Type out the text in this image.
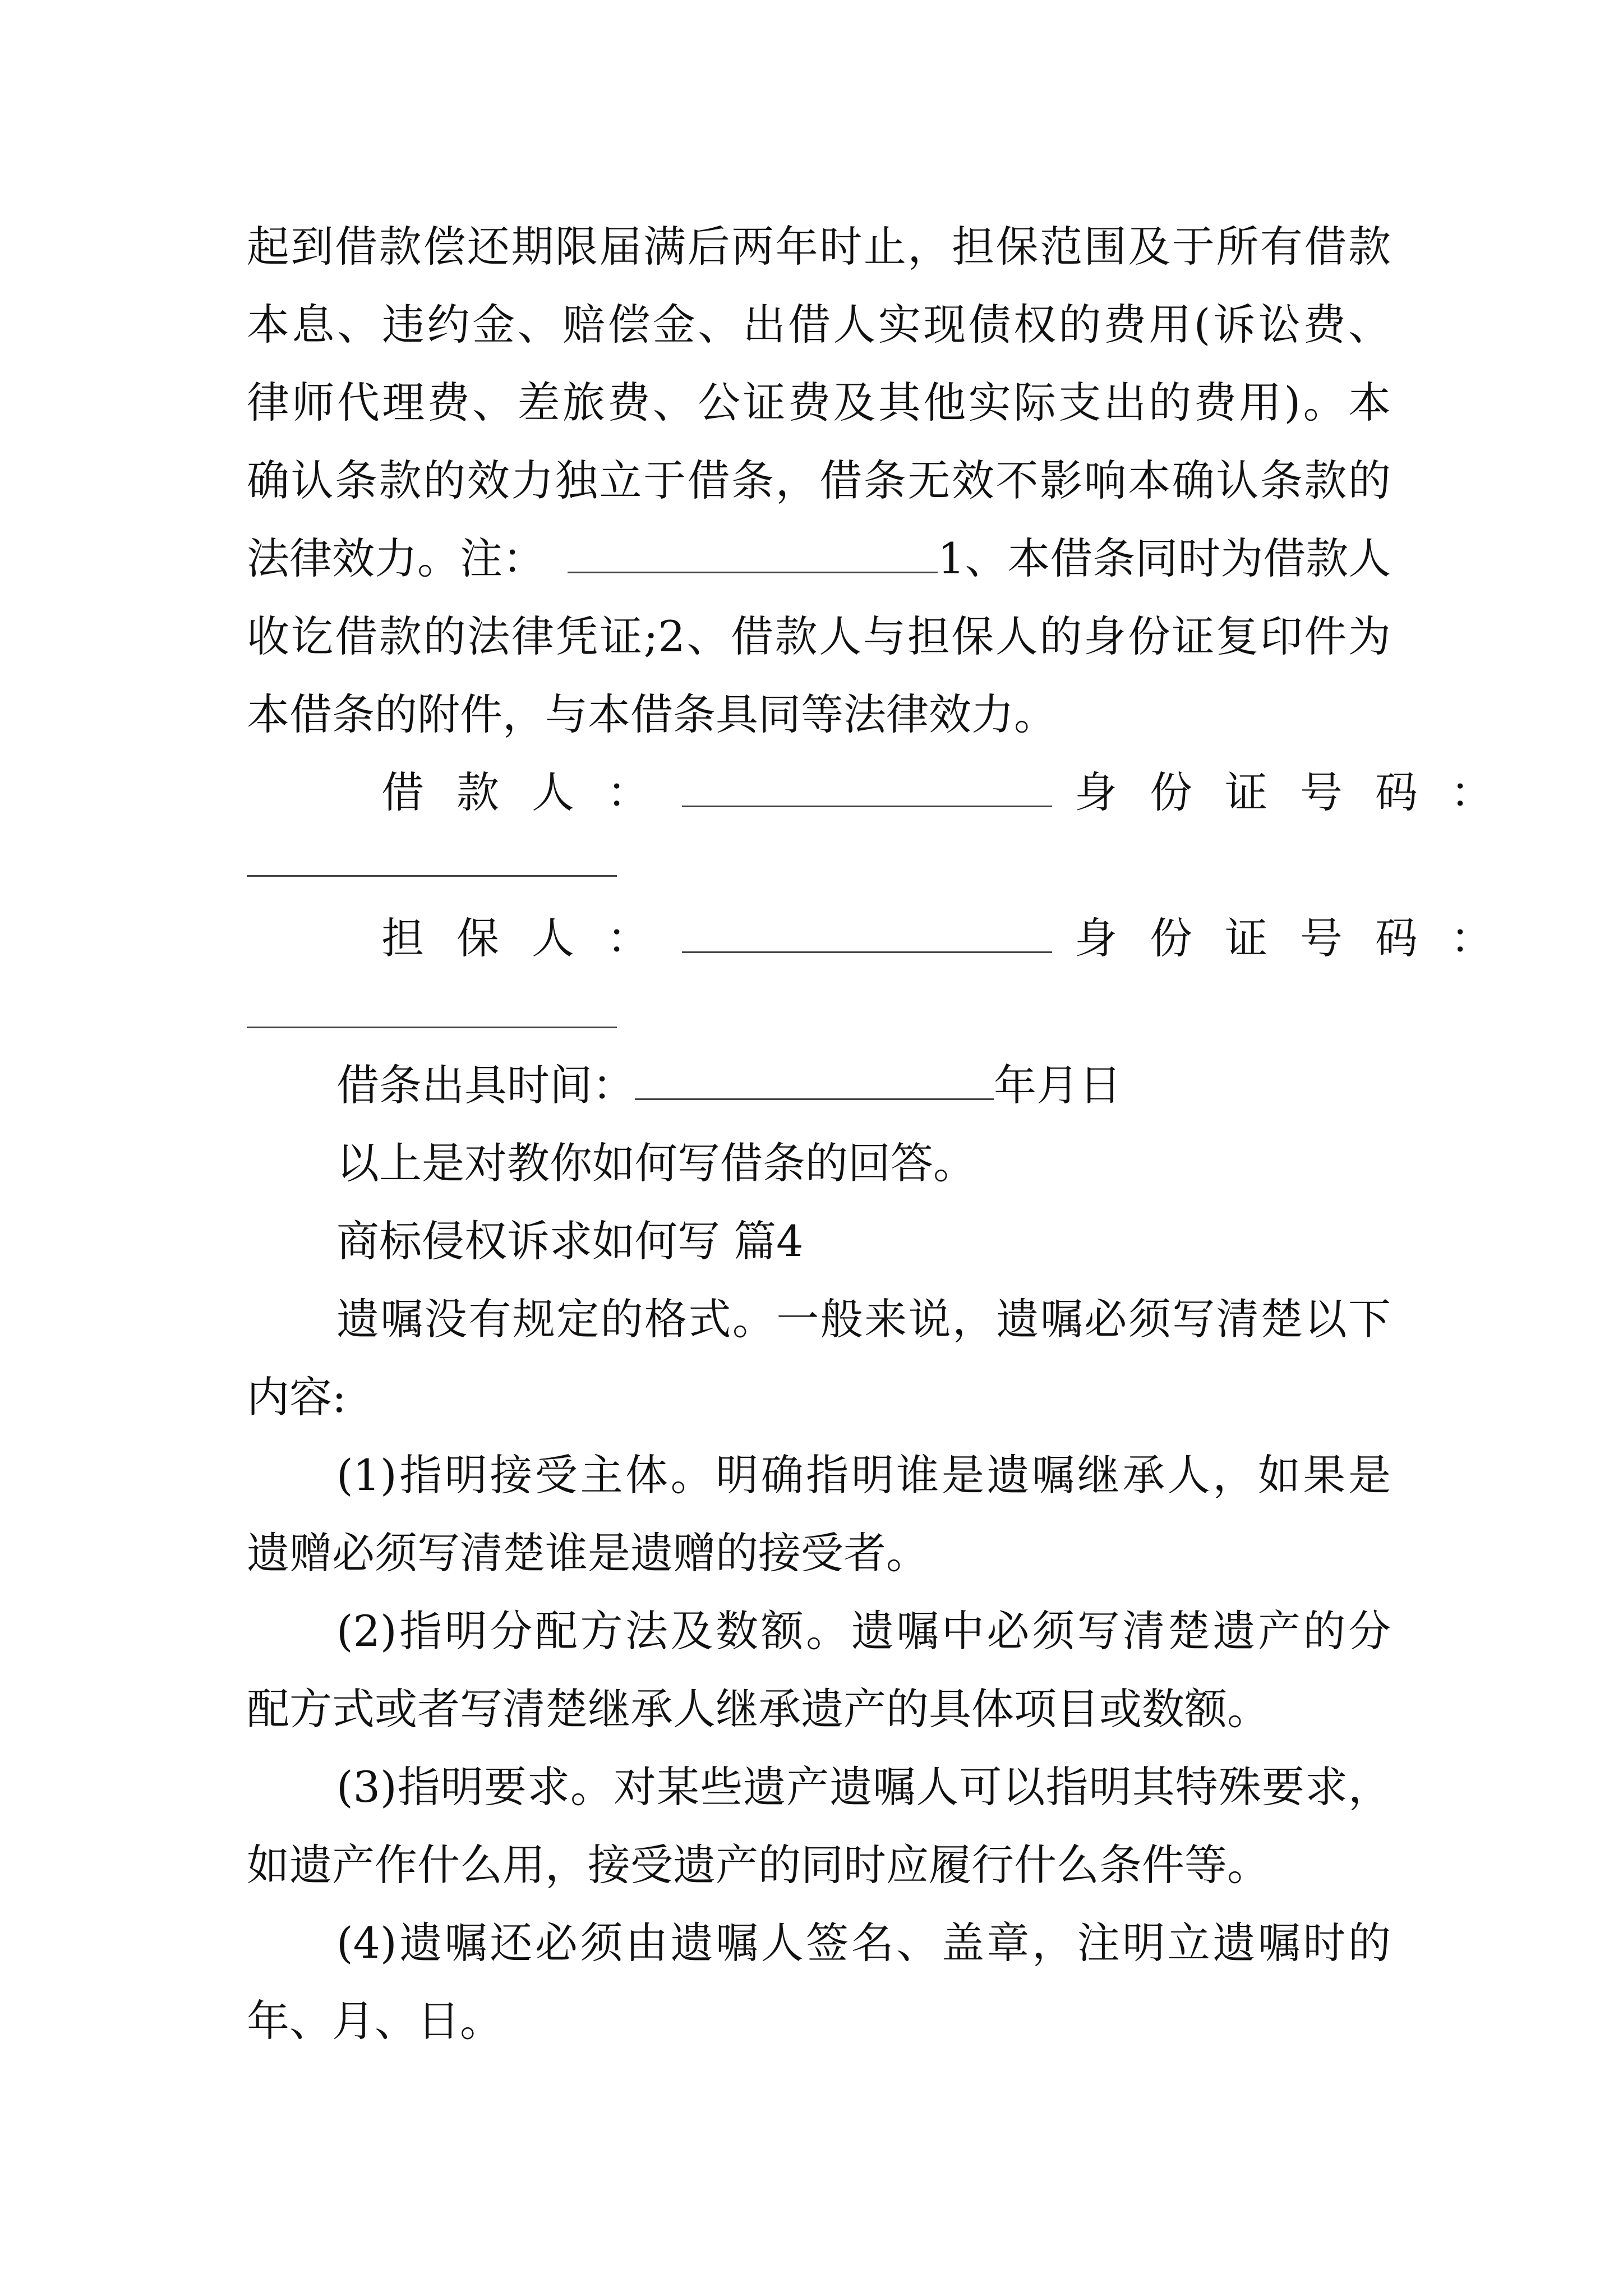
起到借款偿还期限届满后两年时止，担保范围及于所有借款
本息、违约金、赔偿金、出借人实现债权的费用(诉讼费、
律师代理费、差旅费、公证费及其他实际支出的费用)。本
确认条款的效力独立于借条，借条无效不影响本确认条款的
法律效力。注：	1、本借条同时为借款人
收讫借款的法律凭证;2、借款人与担保人的身份证复印件为
本借条的附件，与本借条具同等法律效力。
借款人：	身份证号码：
担保人：	身份证号码：
借条出具时间：	年月日
以上是对教你如何写借条的回答。
商标侵权诉求如何写 篇4
遗嘱没有规定的格式。一般来说，遗嘱必须写清楚以下
内容:
(1)指明接受主体。明确指明谁是遗嘱继承人，如果是
遗赠必须写清楚谁是遗赠的接受者。
(2)指明分配方法及数额。遗嘱中必须写清楚遗产的分
配方式或者写清楚继承人继承遗产的具体项目或数额。
(3)指明要求。对某些遗产遗嘱人可以指明其特殊要求，
如遗产作什么用，接受遗产的同时应履行什么条件等。
(4)遗嘱还必须由遗嘱人签名、盖章，注明立遗嘱时的
年、月、日。
